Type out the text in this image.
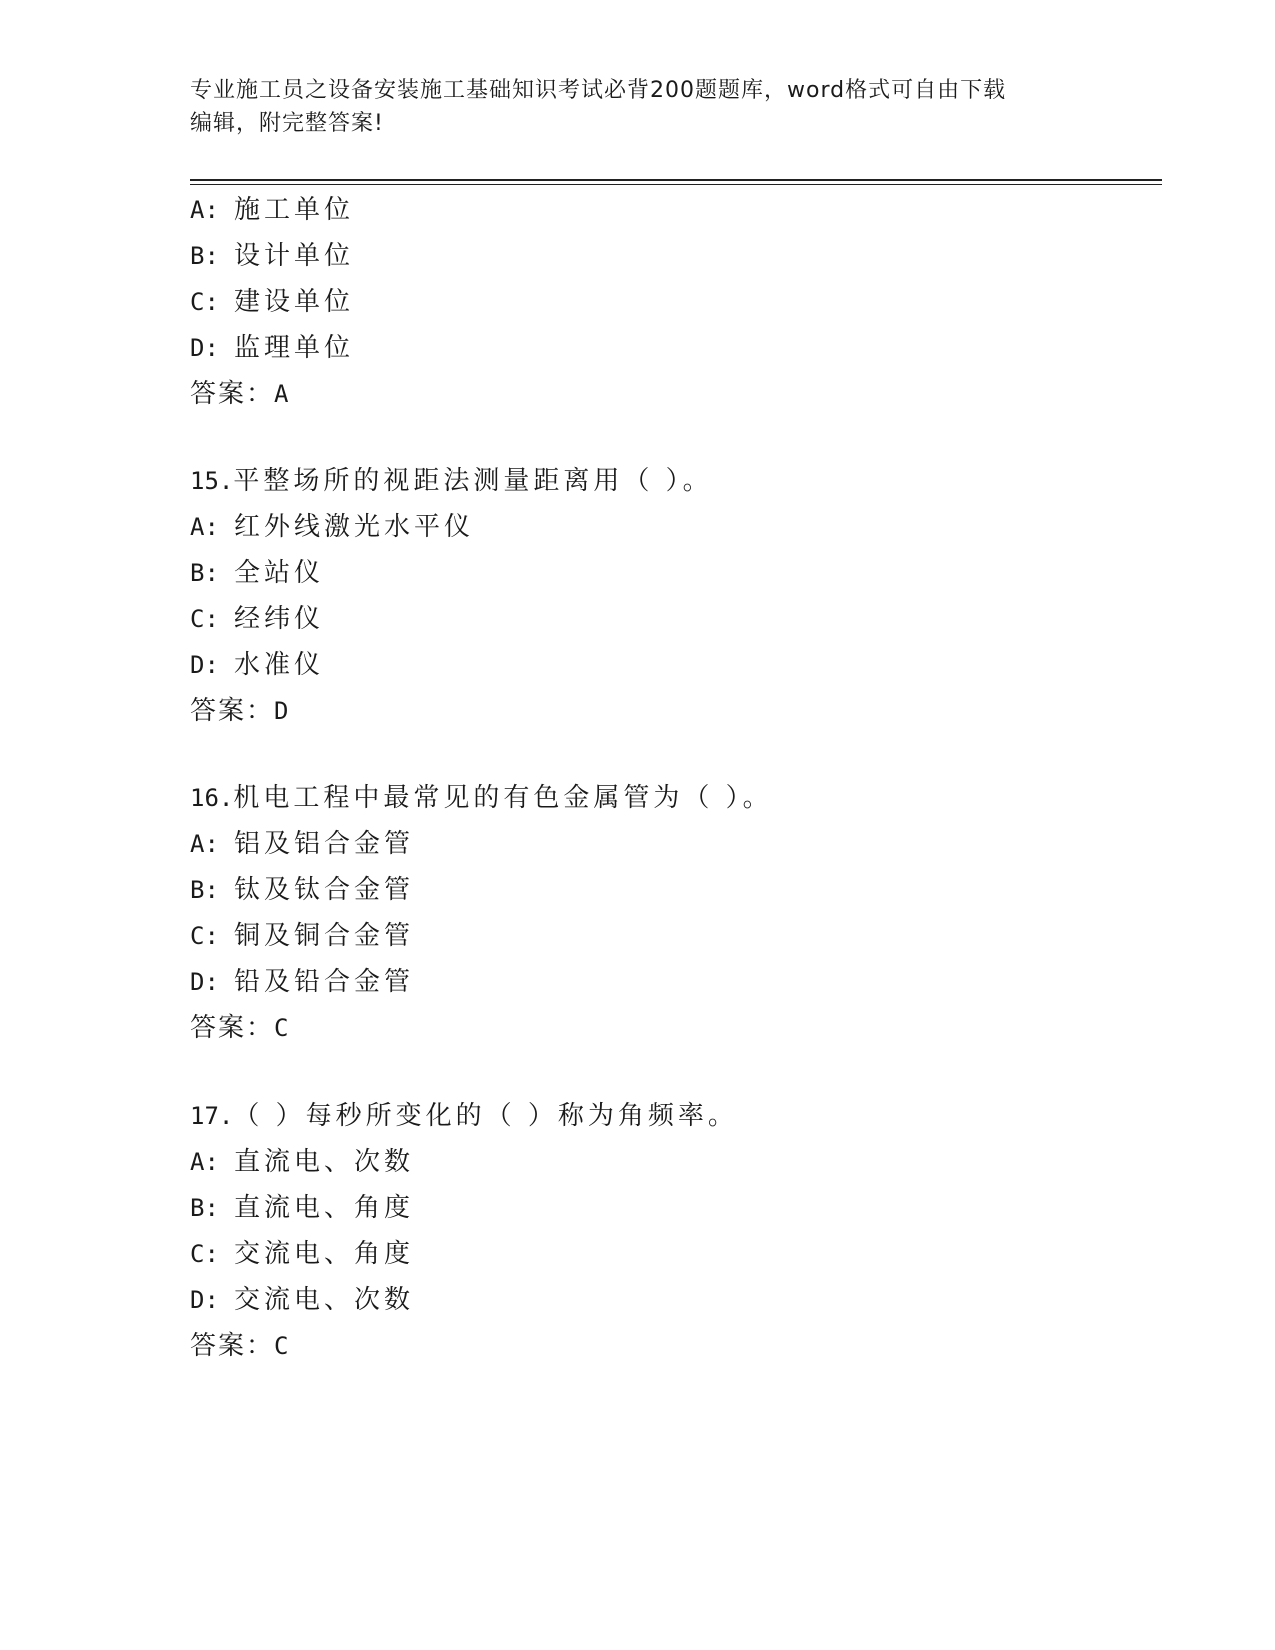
专业施工员之设备安装施工基础知识考试必背200题题库，word格式可自由下载
编辑，附完整答案!
A: 施工单位
B: 设计单位
C: 建设单位
D: 监理单位
答案：A
15.平整场所的视距法测量距离用（ ）。
A: 红外线激光水平仪
B: 全站仪
C: 经纬仪
D: 水准仪
答案：D
16.机电工程中最常见的有色金属管为（ ）。
A: 铝及铝合金管
B: 钛及钛合金管
C: 铜及铜合金管
D: 铅及铅合金管
答案：C
17.（ ）每秒所变化的（ ）称为角频率。
A: 直流电、次数
B: 直流电、角度
C: 交流电、角度
D: 交流电、次数
答案：C
